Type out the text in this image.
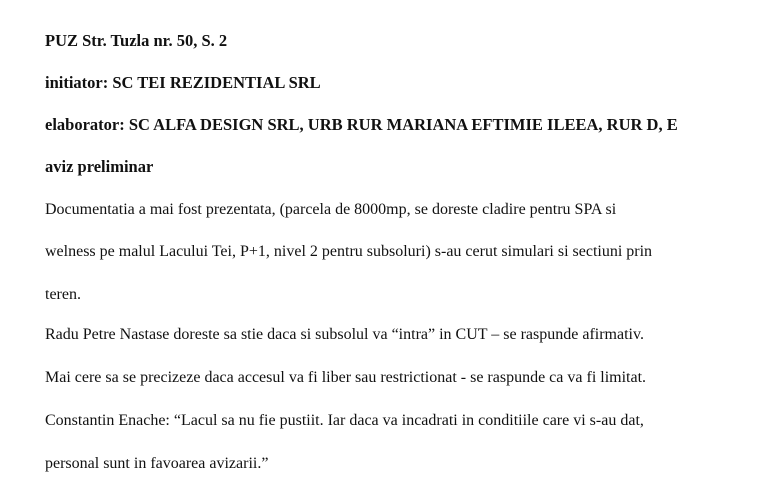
PUZ Str. Tuzla nr. 50, S. 2
initiator: SC TEI REZIDENTIAL SRL
elaborator: SC ALFA DESIGN SRL, URB RUR MARIANA EFTIMIE ILEEA, RUR D, E
aviz preliminar
Documentatia a mai fost prezentata, (parcela de 8000mp, se doreste cladire pentru SPA si
welness pe malul Lacului Tei, P+1, nivel 2 pentru subsoluri) s-au cerut simulari si sectiuni prin
teren.
Radu Petre Nastase doreste sa stie daca si subsolul va “intra” in CUT – se raspunde afirmativ.
Mai cere sa se precizeze daca accesul va fi liber sau restrictionat - se raspunde ca va fi limitat.
Constantin Enache: “Lacul sa nu fie pustiit. Iar daca va incadrati in conditiile care vi s-au dat,
personal sunt in favoarea avizarii.”
